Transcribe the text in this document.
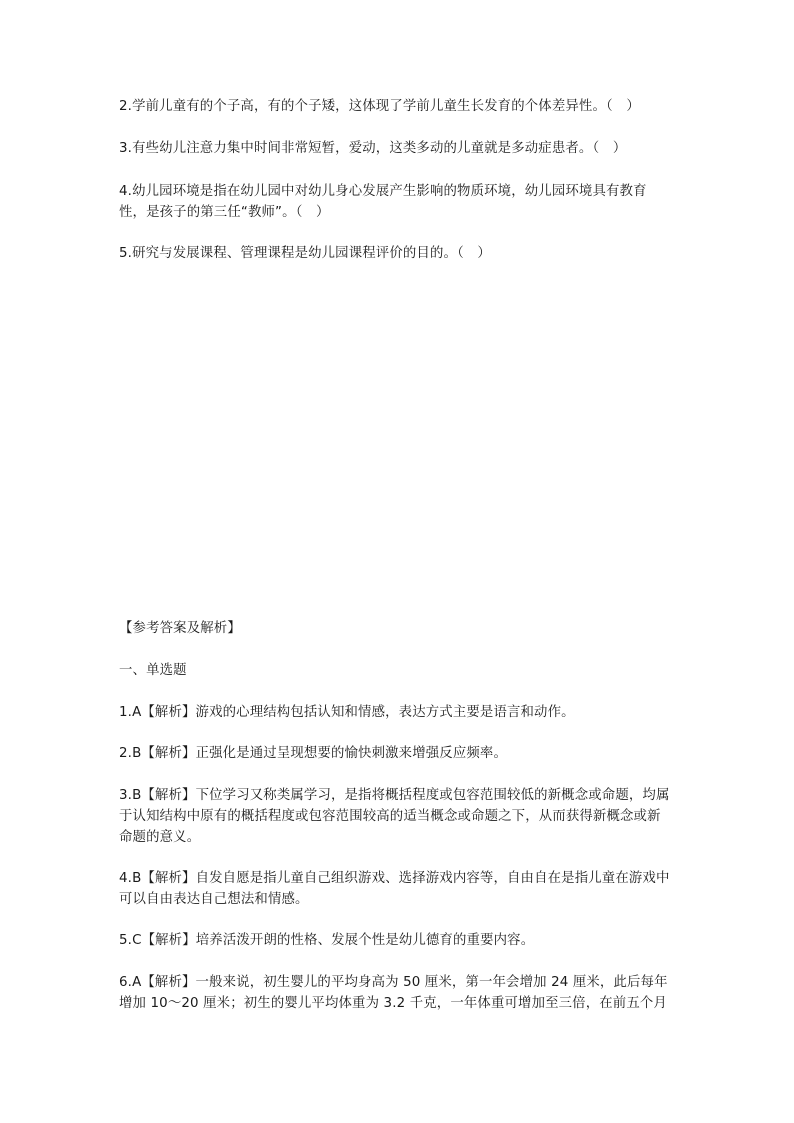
2.学前儿童有的个子高，有的个子矮，这体现了学前儿童生长发育的个体差异性。（　）

3.有些幼儿注意力集中时间非常短暂，爱动，这类多动的儿童就是多动症患者。（　）

4.幼儿园环境是指在幼儿园中对幼儿身心发展产生影响的物质环境，幼儿园环境具有教育性，是孩子的第三任“教师”。（　）

5.研究与发展课程、管理课程是幼儿园课程评价的目的。（　）

【参考答案及解析】

一、单选题

1.A【解析】游戏的心理结构包括认知和情感，表达方式主要是语言和动作。

2.B【解析】正强化是通过呈现想要的愉快刺激来增强反应频率。

3.B【解析】下位学习又称类属学习，是指将概括程度或包容范围较低的新概念或命题，均属于认知结构中原有的概括程度或包容范围较高的适当概念或命题之下，从而获得新概念或新命题的意义。

4.B【解析】自发自愿是指儿童自己组织游戏、选择游戏内容等，自由自在是指儿童在游戏中可以自由表达自己想法和情感。

5.C【解析】培养活泼开朗的性格、发展个性是幼儿德育的重要内容。

6.A【解析】一般来说，初生婴儿的平均身高为 50 厘米，第一年会增加 24 厘米，此后每年增加 10～20 厘米；初生的婴儿平均体重为 3.2 千克，一年体重可增加至三倍，在前五个月
